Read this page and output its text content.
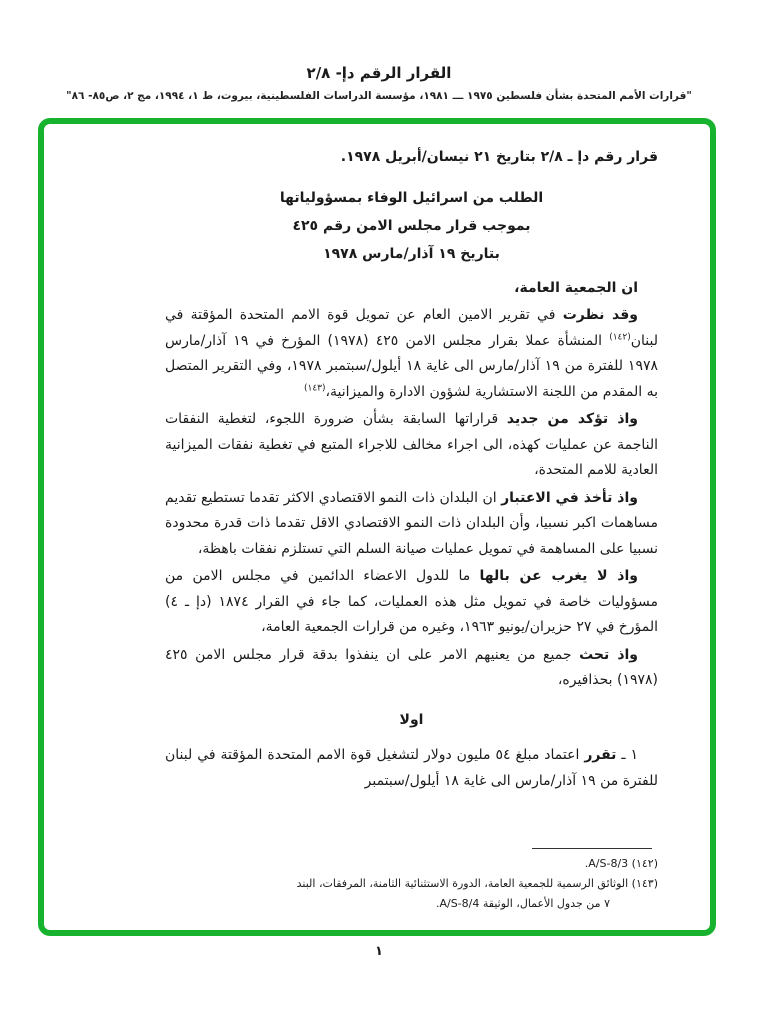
القرار الرقم دإ- ٢/٨
"قرارات الأمم المتحدة بشأن فلسطين ١٩٧٥ ـــ ١٩٨١، مؤسسة الدراسات الفلسطينية، بيروت، ط ١، ١٩٩٤، مج ٢، ص٨٥- ٨٦"

قرار رقم دإ ـ ٢/٨ بتاريخ ٢١ نيسان/أبريل ١٩٧٨.

الطلب من اسرائيل الوفاء بمسؤولياتها
بموجب قرار مجلس الامن رقم ٤٢٥
بتاريخ ١٩ آذار/مارس ١٩٧٨

ان الجمعية العامة،

وقد نظرت في تقرير الامين العام عن تمويل قوة الامم المتحدة المؤقتة في لبنان$^{(١٤٢)}$ المنشأة عملا بقرار مجلس الامن ٤٢٥ (١٩٧٨) المؤرخ في ١٩ آذار/مارس ١٩٧٨ للفترة من ١٩ آذار/مارس الى غاية ١٨ أيلول/سبتمبر ١٩٧٨، وفي التقرير المتصل به المقدم من اللجنة الاستشارية لشؤون الادارة والميزانية،$^{(١٤٣)}$

واذ تؤكد من جديد قراراتها السابقة بشأن ضرورة اللجوء، لتغطية النفقات الناجمة عن عمليات كهذه، الى اجراء مخالف للاجراء المتبع في تغطية نفقات الميزانية العادية للامم المتحدة،

واذ تأخذ في الاعتبار ان البلدان ذات النمو الاقتصادي الاكثر تقدما تستطيع تقديم مساهمات اكبر نسبيا، وأن البلدان ذات النمو الاقتصادي الاقل تقدما ذات قدرة محدودة نسبيا على المساهمة في تمويل عمليات صيانة السلم التي تستلزم نفقات باهظة،

واذ لا يغرب عن بالها ما للدول الاعضاء الدائمين في مجلس الامن من مسؤوليات خاصة في تمويل مثل هذه العمليات، كما جاء في القرار ١٨٧٤ (دإ ـ ٤) المؤرخ في ٢٧ حزيران/يونيو ١٩٦٣، وغيره من قرارات الجمعية العامة،

واذ تحث جميع من يعنيهم الامر على ان ينفذوا بدقة قرار مجلس الامن ٤٢٥ (١٩٧٨) بحذافيره،

اولا

١ ـ تقرر اعتماد مبلغ ٥٤ مليون دولار لتشغيل قوة الامم المتحدة المؤقتة في لبنان للفترة من ١٩ آذار/مارس الى غاية ١٨ أيلول/سبتمبر

(١٤٢) A/S-8/3.

(١٤٣) الوثائق الرسمية للجمعية العامة، الدورة الاستثنائية الثامنة، المرفقات، البند

٧ من جدول الأعمال، الوثيقة A/S-8/4.

١
